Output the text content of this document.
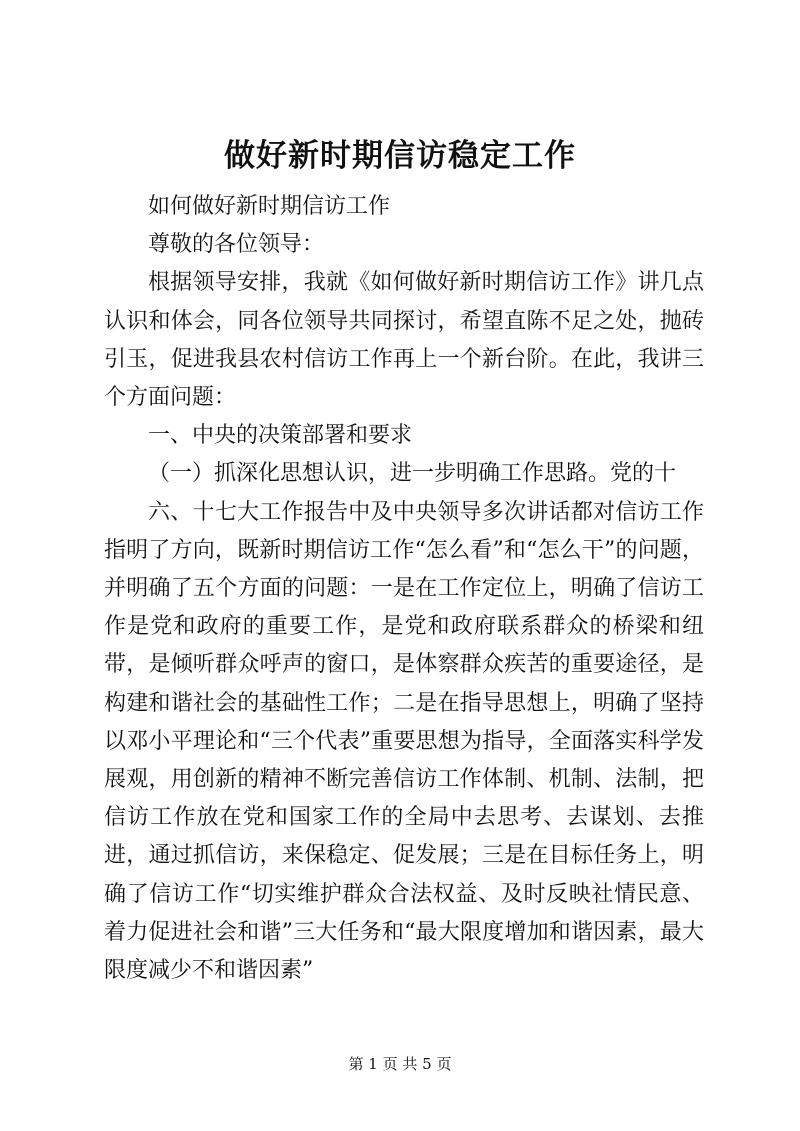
做好新时期信访稳定工作

如何做好新时期信访工作

尊敬的各位领导：

根据领导安排，我就《如何做好新时期信访工作》讲几点认识和体会，同各位领导共同探讨，希望直陈不足之处，抛砖引玉，促进我县农村信访工作再上一个新台阶。在此，我讲三个方面问题：

一、中央的决策部署和要求

（一）抓深化思想认识，进一步明确工作思路。党的十

六、十七大工作报告中及中央领导多次讲话都对信访工作指明了方向，既新时期信访工作“怎么看”和“怎么干”的问题，并明确了五个方面的问题：一是在工作定位上，明确了信访工作是党和政府的重要工作，是党和政府联系群众的桥梁和纽带，是倾听群众呼声的窗口，是体察群众疾苦的重要途径，是构建和谐社会的基础性工作；二是在指导思想上，明确了坚持以邓小平理论和“三个代表”重要思想为指导，全面落实科学发展观，用创新的精神不断完善信访工作体制、机制、法制，把信访工作放在党和国家工作的全局中去思考、去谋划、去推进，通过抓信访，来保稳定、促发展；三是在目标任务上，明确了信访工作“切实维护群众合法权益、及时反映社情民意、着力促进社会和谐”三大任务和“最大限度增加和谐因素，最大限度减少不和谐因素”

第 1 页 共 5 页
